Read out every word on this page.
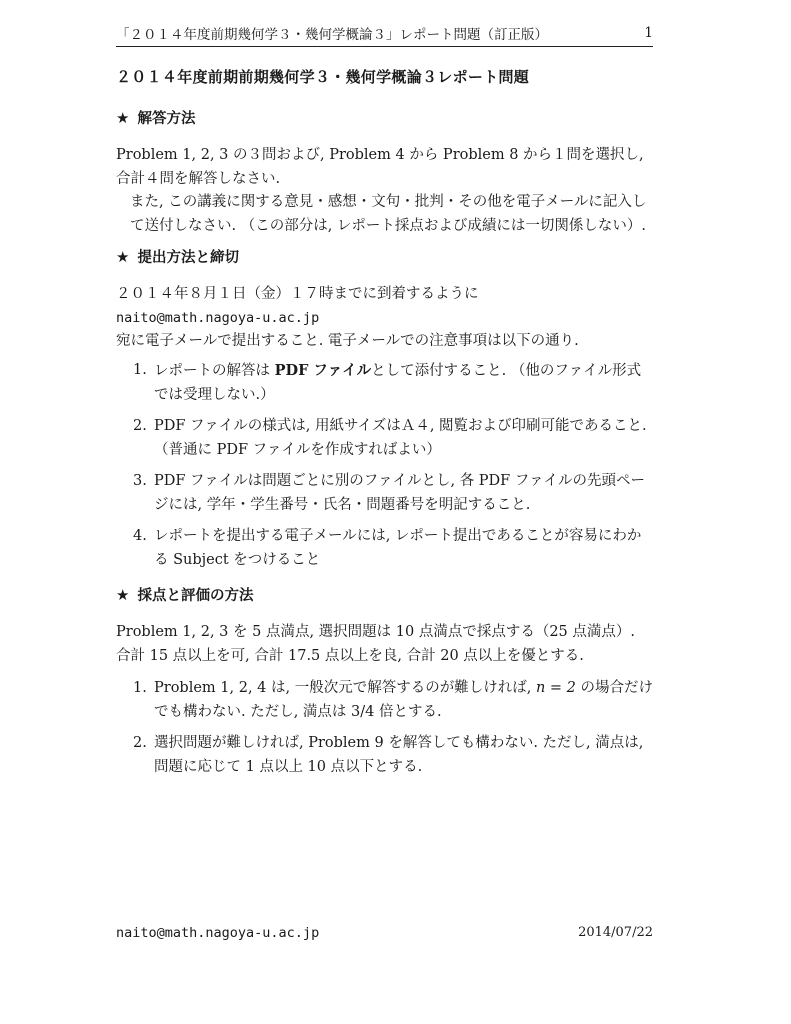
「２０１４年度前期幾何学３・幾何学概論３」レポート問題（訂正版）	1
２０１４年度前期前期幾何学３・幾何学概論３レポート問題
★ 解答方法
Problem 1, 2, 3 の３問および, Problem 4 から Problem 8 から１問を選択し, 合計４問を解答しなさい.
また, この講義に関する意見・感想・文句・批判・その他を電子メールに記入して送付しなさい. （この部分は, レポート採点および成績には一切関係しない）.
★ 提出方法と締切
２０１４年８月１日（金）１７時までに到着するように
naito@math.nagoya-u.ac.jp
宛に電子メールで提出すること. 電子メールでの注意事項は以下の通り.
1. レポートの解答は PDF ファイルとして添付すること. （他のファイル形式では受理しない.）
2. PDF ファイルの様式は, 用紙サイズはＡ４, 閲覧および印刷可能であること. （普通に PDF ファイルを作成すればよい）
3. PDF ファイルは問題ごとに別のファイルとし, 各 PDF ファイルの先頭ページには, 学年・学生番号・氏名・問題番号を明記すること.
4. レポートを提出する電子メールには, レポート提出であることが容易にわかる Subject をつけること
★ 採点と評価の方法
Problem 1, 2, 3 を 5 点満点, 選択問題は 10 点満点で採点する（25 点満点）. 合計 15 点以上を可, 合計 17.5 点以上を良, 合計 20 点以上を優とする.
1. Problem 1, 2, 4 は, 一般次元で解答するのが難しければ, n = 2 の場合だけでも構わない. ただし, 満点は 3/4 倍とする.
2. 選択問題が難しければ, Problem 9 を解答しても構わない. ただし, 満点は, 問題に応じて 1 点以上 10 点以下とする.
naito@math.nagoya-u.ac.jp	2014/07/22
